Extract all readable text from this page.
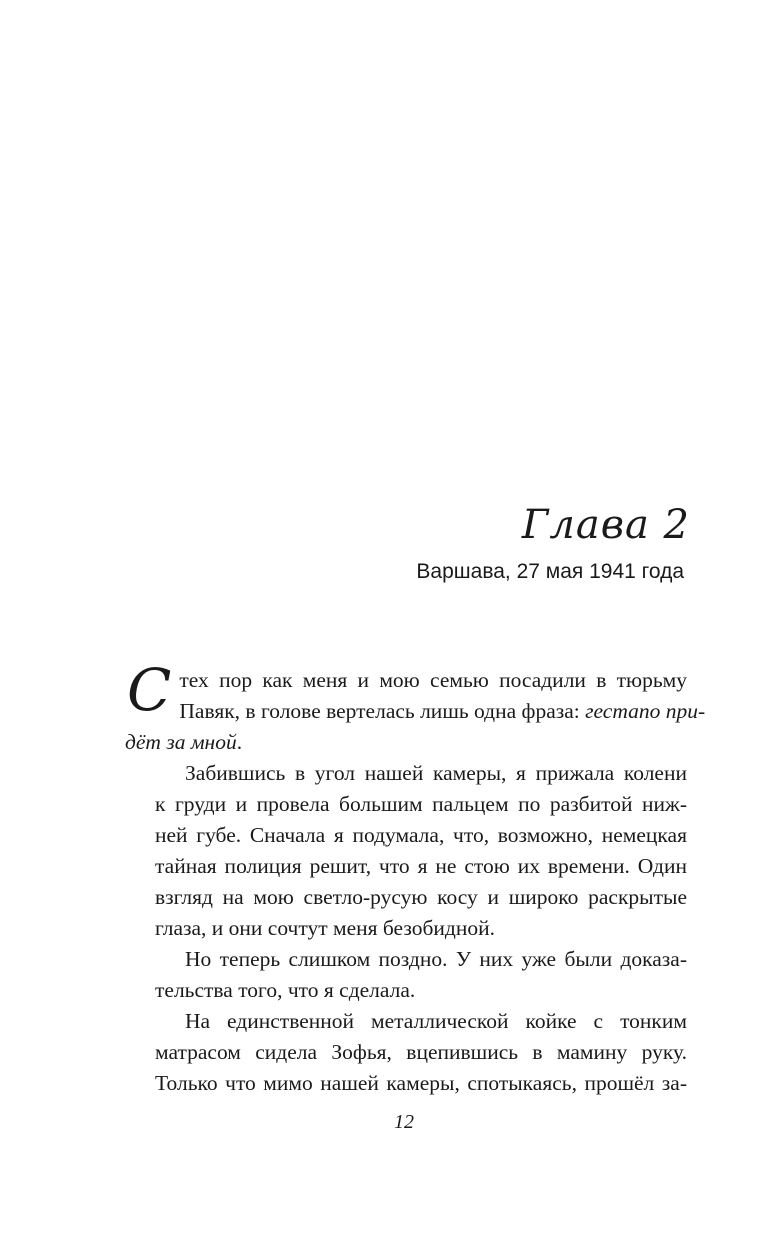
Глава 2
Варшава, 27 мая 1941 года

С тех пор как меня и мою семью посадили в тюрьму
Павяк, в голове вертелась лишь одна фраза: гестапо при-
дёт за мной.

Забившись в угол нашей камеры, я прижала колени
к груди и провела большим пальцем по разбитой ниж-
ней губе. Сначала я подумала, что, возможно, немецкая
тайная полиция решит, что я не стою их времени. Один
взгляд на мою светло-русую косу и широко раскрытые
глаза, и они сочтут меня безобидной.

Но теперь слишком поздно. У них уже были доказа-
тельства того, что я сделала.

На единственной металлической койке с тонким
матрасом сидела Зофья, вцепившись в мамину руку.
Только что мимо нашей камеры, спотыкаясь, прошёл за-

12
